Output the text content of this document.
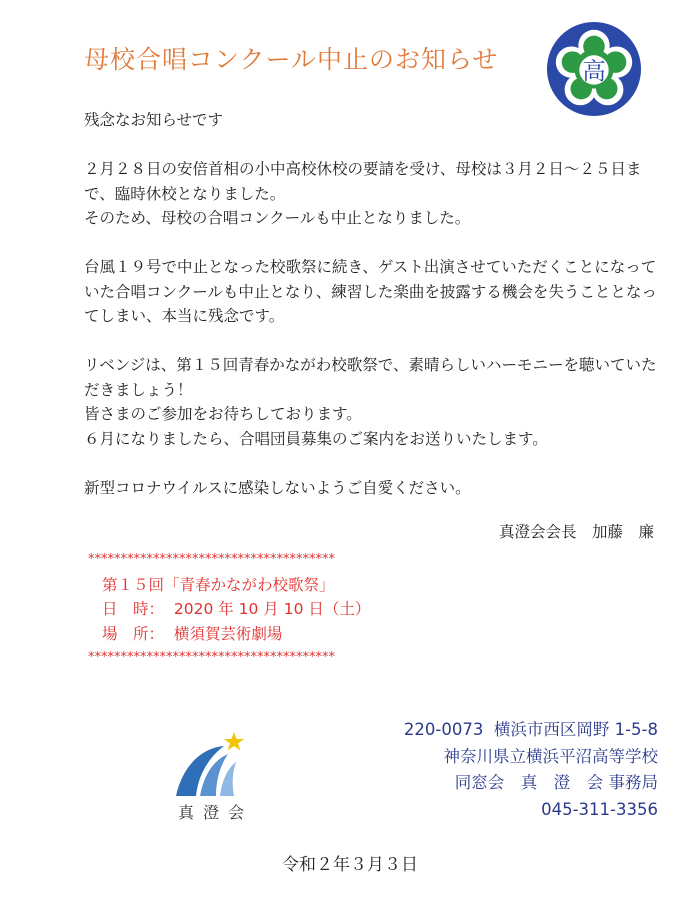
母校合唱コンクール中止のお知らせ	高

残念なお知らせです

２月２８日の安倍首相の小中高校休校の要請を受け、母校は３月２日～２５日まで、臨時休校となりました。
そのため、母校の合唱コンクールも中止となりました。

台風１９号で中止となった校歌祭に続き、ゲスト出演させていただくことになっていた合唱コンクールも中止となり、練習した楽曲を披露する機会を失うこととなってしまい、本当に残念です。

リベンジは、第１５回青春かながわ校歌祭で、素晴らしいハーモニーを聴いていただきましょう！
皆さまのご参加をお待ちしております。
６月になりましたら、合唱団員募集のご案内をお送りいたします。

新型コロナウイルスに感染しないようご自愛ください。

真澄会会長　加藤　廉
**************************************
第１５回「青春かながわ校歌祭」
日　時：  2020 年 10 月 10 日（土）
場　所：  横須賀芸術劇場
**************************************
220-0073  横浜市西区岡野 1-5-8
神奈川県立横浜平沼高等学校
同窓会　真　澄　会 事務局
045-311-3356
真 澄 会
令和２年３月３日
